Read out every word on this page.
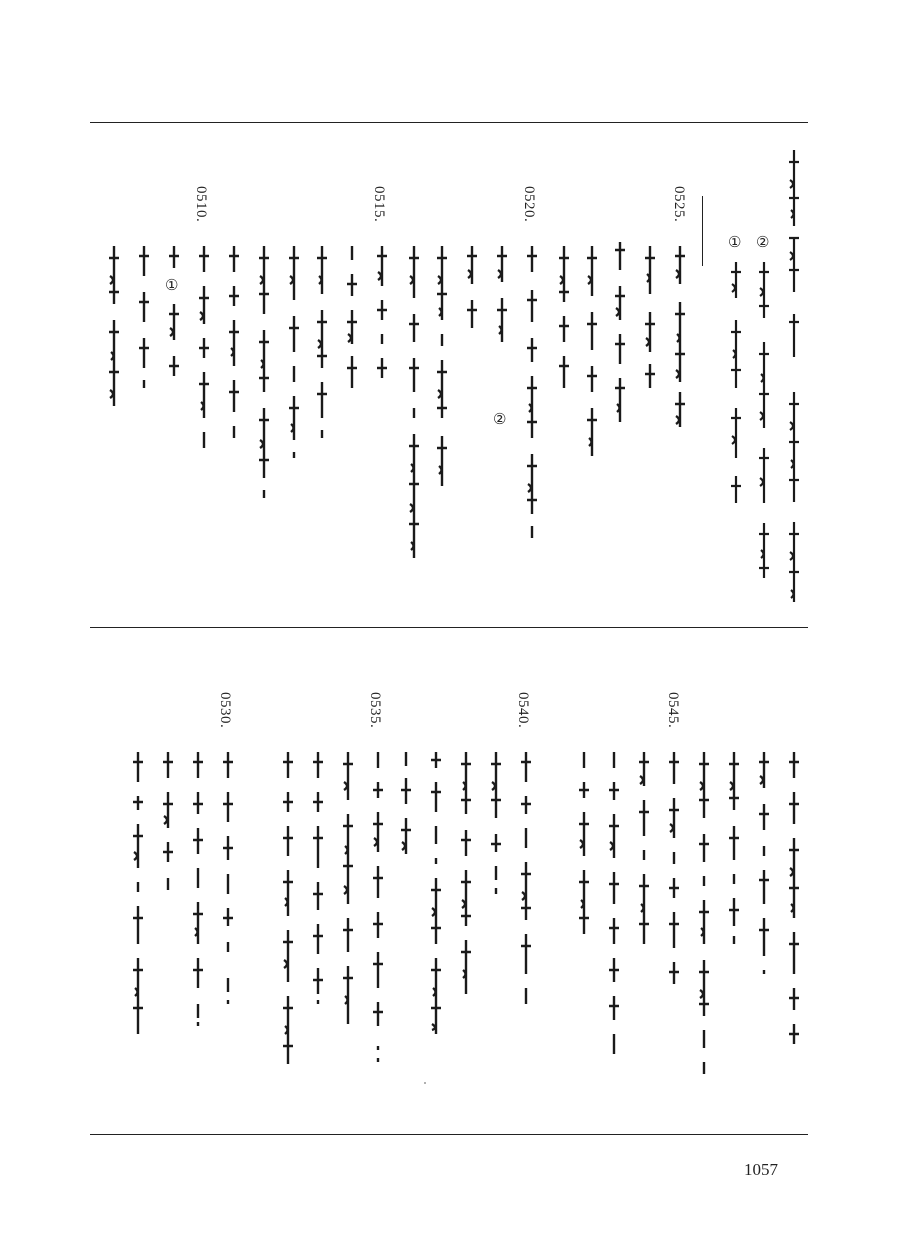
②
①
0525.
0520.
②
0515.
0510.
①
0545.
0540.
0535.
0530.
1057
